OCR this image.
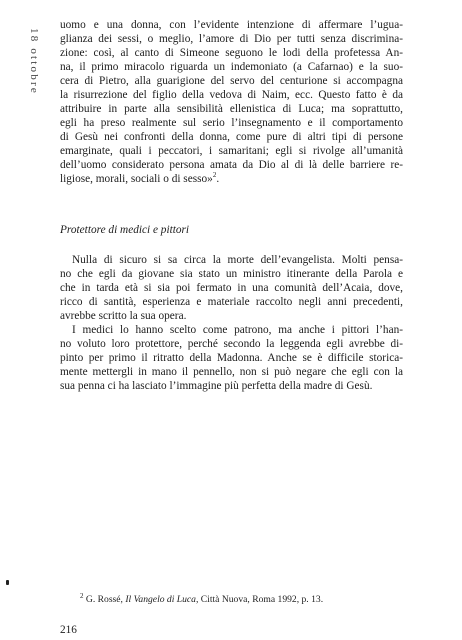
18 ottobre
uomo e una donna, con l’evidente intenzione di affermare l’ugua-
glianza dei sessi, o meglio, l’amore di Dio per tutti senza discrimina-
zione: così, al canto di Simeone seguono le lodi della profetessa An-
na, il primo miracolo riguarda un indemoniato (a Cafarnao) e la suo-
cera di Pietro, alla guarigione del servo del centurione si accompagna
la risurrezione del figlio della vedova di Naim, ecc. Questo fatto è da
attribuire in parte alla sensibilità ellenistica di Luca; ma soprattutto,
egli ha preso realmente sul serio l’insegnamento e il comportamento
di Gesù nei confronti della donna, come pure di altri tipi di persone
emarginate, quali i peccatori, i samaritani; egli si rivolge all’umanità
dell’uomo considerato persona amata da Dio al di là delle barriere re-
ligiose, morali, sociali o di sesso»$^2$.
Protettore di medici e pittori
Nulla di sicuro si sa circa la morte dell’evangelista. Molti pensa-
no che egli da giovane sia stato un ministro itinerante della Parola e
che in tarda età si sia poi fermato in una comunità dell’Acaia, dove,
ricco di santità, esperienza e materiale raccolto negli anni precedenti,
avrebbe scritto la sua opera.
I medici lo hanno scelto come patrono, ma anche i pittori l’han-
no voluto loro protettore, perché secondo la leggenda egli avrebbe di-
pinto per primo il ritratto della Madonna. Anche se è difficile storica-
mente mettergli in mano il pennello, non si può negare che egli con la
sua penna ci ha lasciato l’immagine più perfetta della madre di Gesù.
$^2$ G. Rossé, Il Vangelo di Luca, Città Nuova, Roma 1992, p. 13.
216
